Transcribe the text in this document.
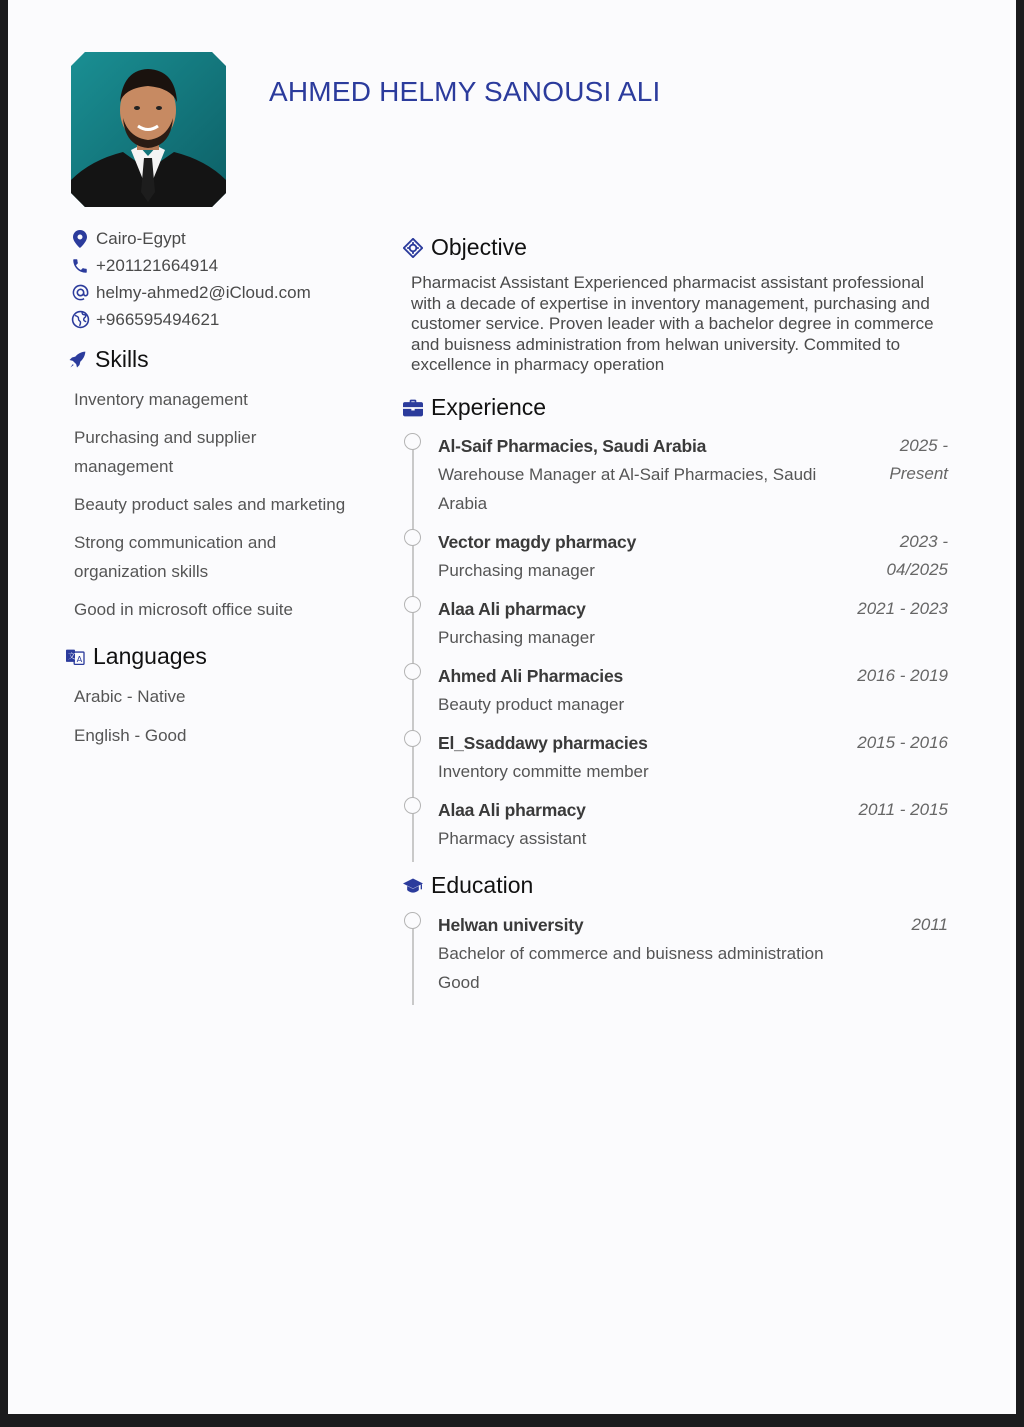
AHMED HELMY SANOUSI ALI
Cairo-Egypt
+201121664914
helmy-ahmed2@iCloud.com
+966595494621
Skills
Inventory management
Purchasing and supplier management
Beauty product sales and marketing
Strong communication and organization skills
Good in microsoft office suite
文 A Languages
Arabic - Native
English - Good
Objective
Pharmacist Assistant Experienced pharmacist assistant professional with a decade of expertise in inventory management, purchasing and customer service. Proven leader with a bachelor degree in commerce and buisness administration from helwan university. Commited to excellence in pharmacy operation
Experience
Al-Saif Pharmacies, Saudi Arabia
Warehouse Manager at Al-Saif Pharmacies, Saudi Arabia
2025 - Present
Vector magdy pharmacy
Purchasing manager
2023 - 04/2025
Alaa Ali pharmacy
Purchasing manager
2021 - 2023
Ahmed Ali Pharmacies
Beauty product manager
2016 - 2019
El_Ssaddawy pharmacies
Inventory committe member
2015 - 2016
Alaa Ali pharmacy
Pharmacy assistant
2011 - 2015
Education
Helwan university
Bachelor of commerce and buisness administration
Good
2011
